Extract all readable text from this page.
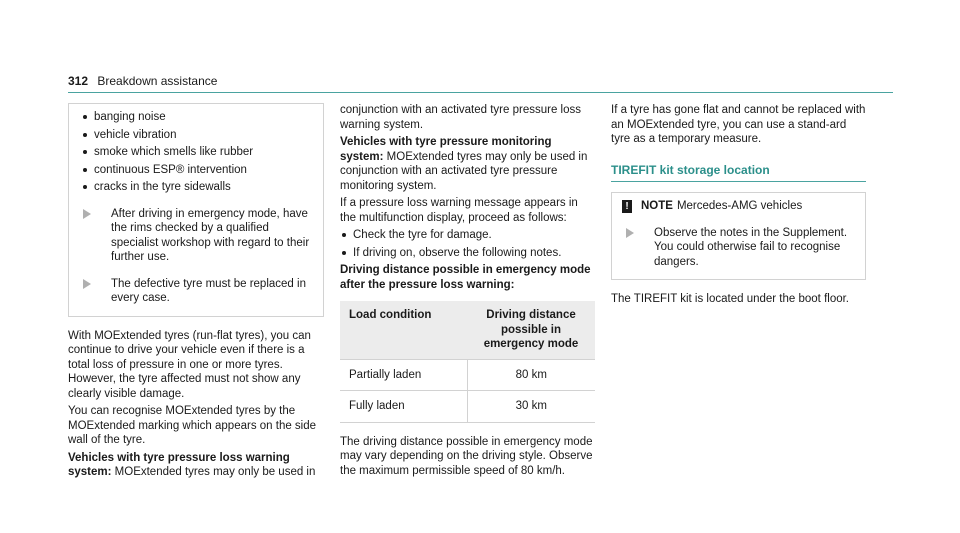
312 Breakdown assistance
banging noise
vehicle vibration
smoke which smells like rubber
continuous ESP® intervention
cracks in the tyre sidewalls
After driving in emergency mode, have the rims checked by a qualified specialist workshop with regard to their further use.
The defective tyre must be replaced in every case.

With MOExtended tyres (run-flat tyres), you can continue to drive your vehicle even if there is a total loss of pressure in one or more tyres. However, the tyre affected must not show any clearly visible damage.

You can recognise MOExtended tyres by the MOExtended marking which appears on the side wall of the tyre.

Vehicles with tyre pressure loss warning system: MOExtended tyres may only be used in

conjunction with an activated tyre pressure loss warning system.

Vehicles with tyre pressure monitoring system: MOExtended tyres may only be used in conjunction with an activated tyre pressure monitoring system.

If a pressure loss warning message appears in the multifunction display, proceed as follows:

Check the tyre for damage.
If driving on, observe the following notes.
Driving distance possible in emergency mode after the pressure loss warning:
Load condition	Driving distance possible in emergency mode
Partially laden	80 km
Fully laden	30 km

The driving distance possible in emergency mode may vary depending on the driving style. Observe the maximum permissible speed of 80 km/h.

If a tyre has gone flat and cannot be replaced with an MOExtended tyre, you can use a stand-ard tyre as a temporary measure.

TIREFIT kit storage location
! NOTE Mercedes-AMG vehicles
Observe the notes in the Supplement. You could otherwise fail to recognise dangers.

The TIREFIT kit is located under the boot floor.
